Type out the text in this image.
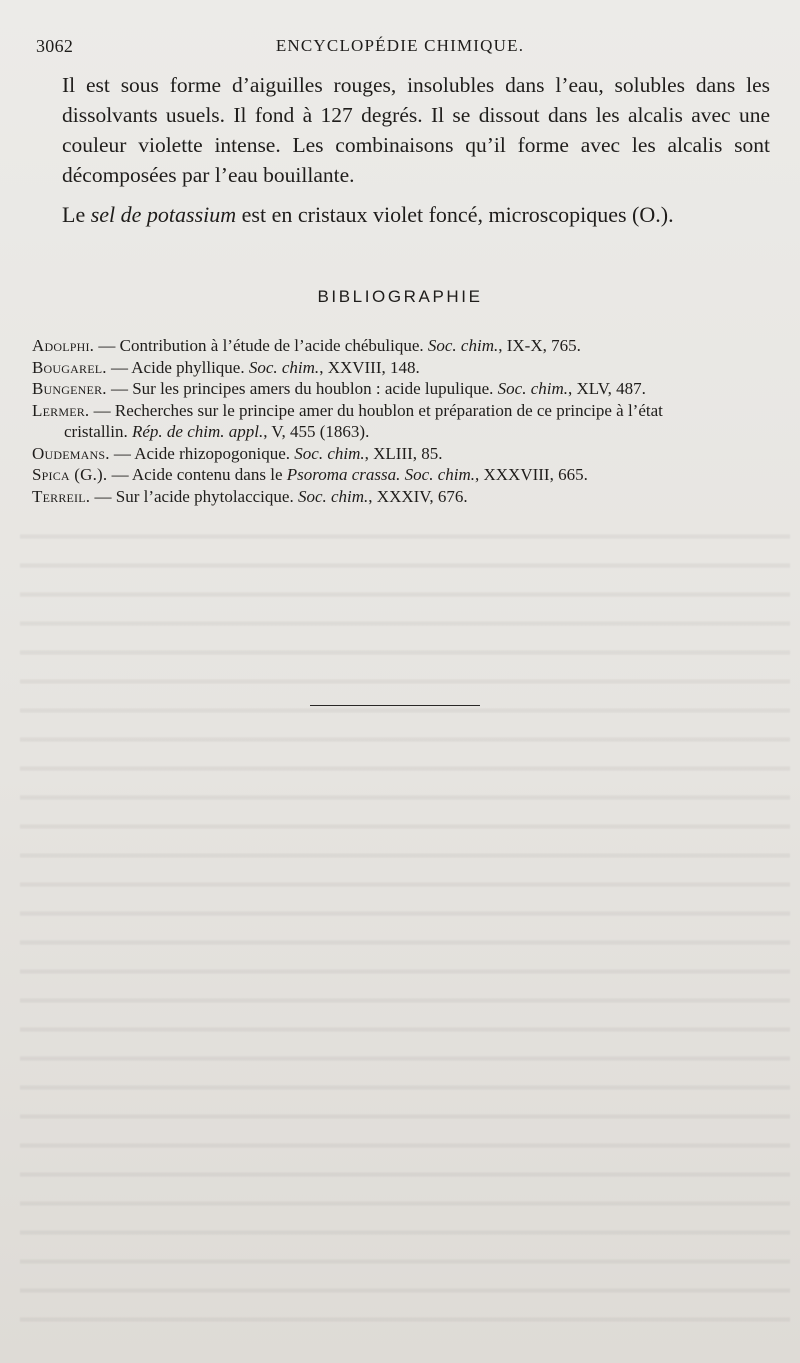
3062	ENCYCLOPÉDIE CHIMIQUE.

Il est sous forme d’aiguilles rouges, insolubles dans l’eau, solubles dans les
dissolvants usuels. Il fond à 127 degrés. Il se dissout dans les alcalis avec une
couleur violette intense. Les combinaisons qu’il forme avec les alcalis sont
décomposées par l’eau bouillante.

Le sel de potassium est en cristaux violet foncé, microscopiques (O.).

BIBLIOGRAPHIE
Adolphi. — Contribution à l’étude de l’acide chébulique. Soc. chim., IX-X, 765.
Bougarel. — Acide phyllique. Soc. chim., XXVIII, 148.
Bungener. — Sur les principes amers du houblon : acide lupulique. Soc. chim., XLV, 487.
Lermer. — Recherches sur le principe amer du houblon et préparation de ce principe à l’état
cristallin. Rép. de chim. appl., V, 455 (1863).
Oudemans. — Acide rhizopogonique. Soc. chim., XLIII, 85.
Spica (G.). — Acide contenu dans le Psoroma crassa. Soc. chim., XXXVIII, 665.
Terreil. — Sur l’acide phytolaccique. Soc. chim., XXXIV, 676.
